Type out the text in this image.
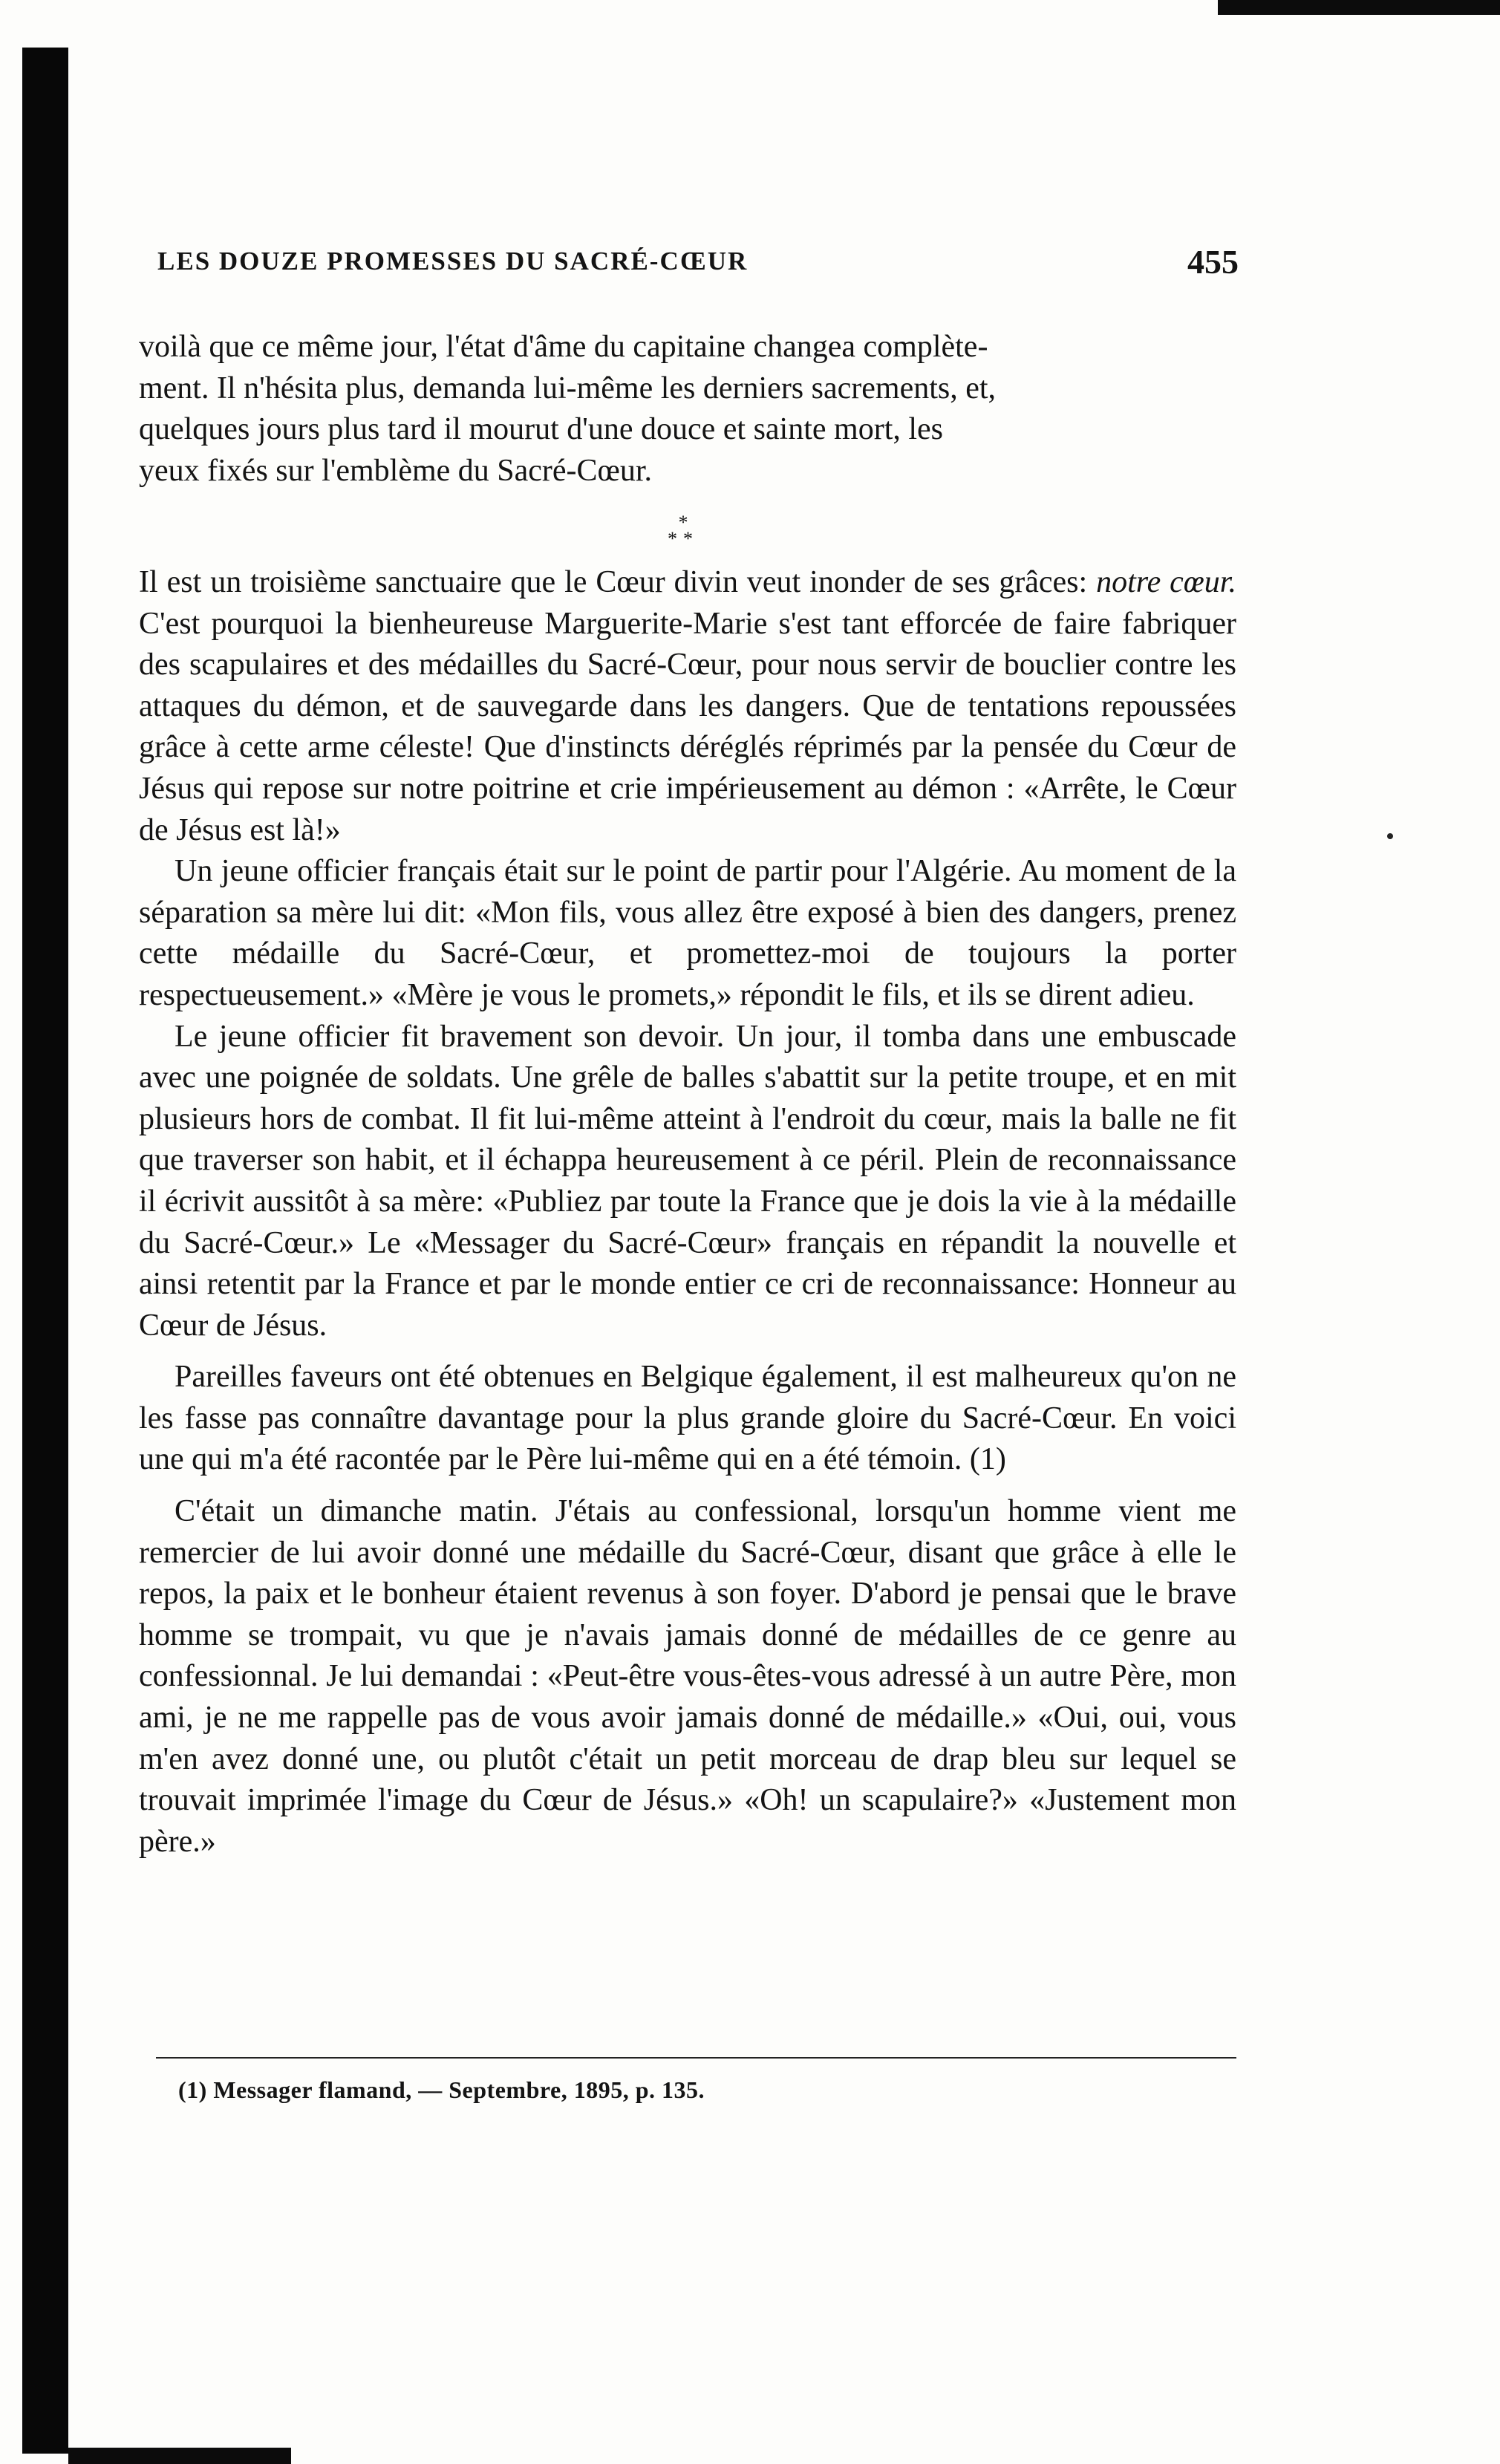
LES DOUZE PROMESSES DU SACRÉ-CŒUR	455

voilà que ce même jour, l'état d'âme du capitaine changea complète-

ment. Il n'hésita plus, demanda lui-même les derniers sacrements, et,

quelques jours plus tard il mourut d'une douce et sainte mort, les

yeux fixés sur l'emblème du Sacré-Cœur.

*
**

Il est un troisième sanctuaire que le Cœur divin veut inonder de ses grâces: notre cœur. C'est pourquoi la bienheureuse Marguerite-Marie s'est tant efforcée de faire fabriquer des scapulaires et des médailles du Sacré-Cœur, pour nous servir de bouclier contre les attaques du démon, et de sauvegarde dans les dangers. Que de tentations repoussées grâce à cette arme céleste! Que d'instincts déréglés réprimés par la pensée du Cœur de Jésus qui repose sur notre poitrine et crie impérieusement au démon : «Arrête, le Cœur de Jésus est là!»

Un jeune officier français était sur le point de partir pour l'Algérie. Au moment de la séparation sa mère lui dit: «Mon fils, vous allez être exposé à bien des dangers, prenez cette médaille du Sacré-Cœur, et promettez-moi de toujours la porter respectueusement.» «Mère je vous le promets,» répondit le fils, et ils se dirent adieu.

Le jeune officier fit bravement son devoir. Un jour, il tomba dans une embuscade avec une poignée de soldats. Une grêle de balles s'abattit sur la petite troupe, et en mit plusieurs hors de combat. Il fit lui-même atteint à l'endroit du cœur, mais la balle ne fit que traverser son habit, et il échappa heureusement à ce péril. Plein de reconnaissance il écrivit aussitôt à sa mère: «Publiez par toute la France que je dois la vie à la médaille du Sacré-Cœur.» Le «Messager du Sacré-Cœur» français en répandit la nouvelle et ainsi retentit par la France et par le monde entier ce cri de reconnaissance: Honneur au Cœur de Jésus.

Pareilles faveurs ont été obtenues en Belgique également, il est malheureux qu'on ne les fasse pas connaître davantage pour la plus grande gloire du Sacré-Cœur. En voici une qui m'a été racontée par le Père lui-même qui en a été témoin. (1)

C'était un dimanche matin. J'étais au confessional, lorsqu'un homme vient me remercier de lui avoir donné une médaille du Sacré-Cœur, disant que grâce à elle le repos, la paix et le bonheur étaient revenus à son foyer. D'abord je pensai que le brave homme se trompait, vu que je n'avais jamais donné de médailles de ce genre au confessionnal. Je lui demandai : «Peut-être vous-êtes-vous adressé à un autre Père, mon ami, je ne me rappelle pas de vous avoir jamais donné de médaille.» «Oui, oui, vous m'en avez donné une, ou plutôt c'était un petit morceau de drap bleu sur lequel se trouvait imprimée l'image du Cœur de Jésus.» «Oh! un scapulaire?» «Justement mon père.»

(1) Messager flamand, — Septembre, 1895, p. 135.
